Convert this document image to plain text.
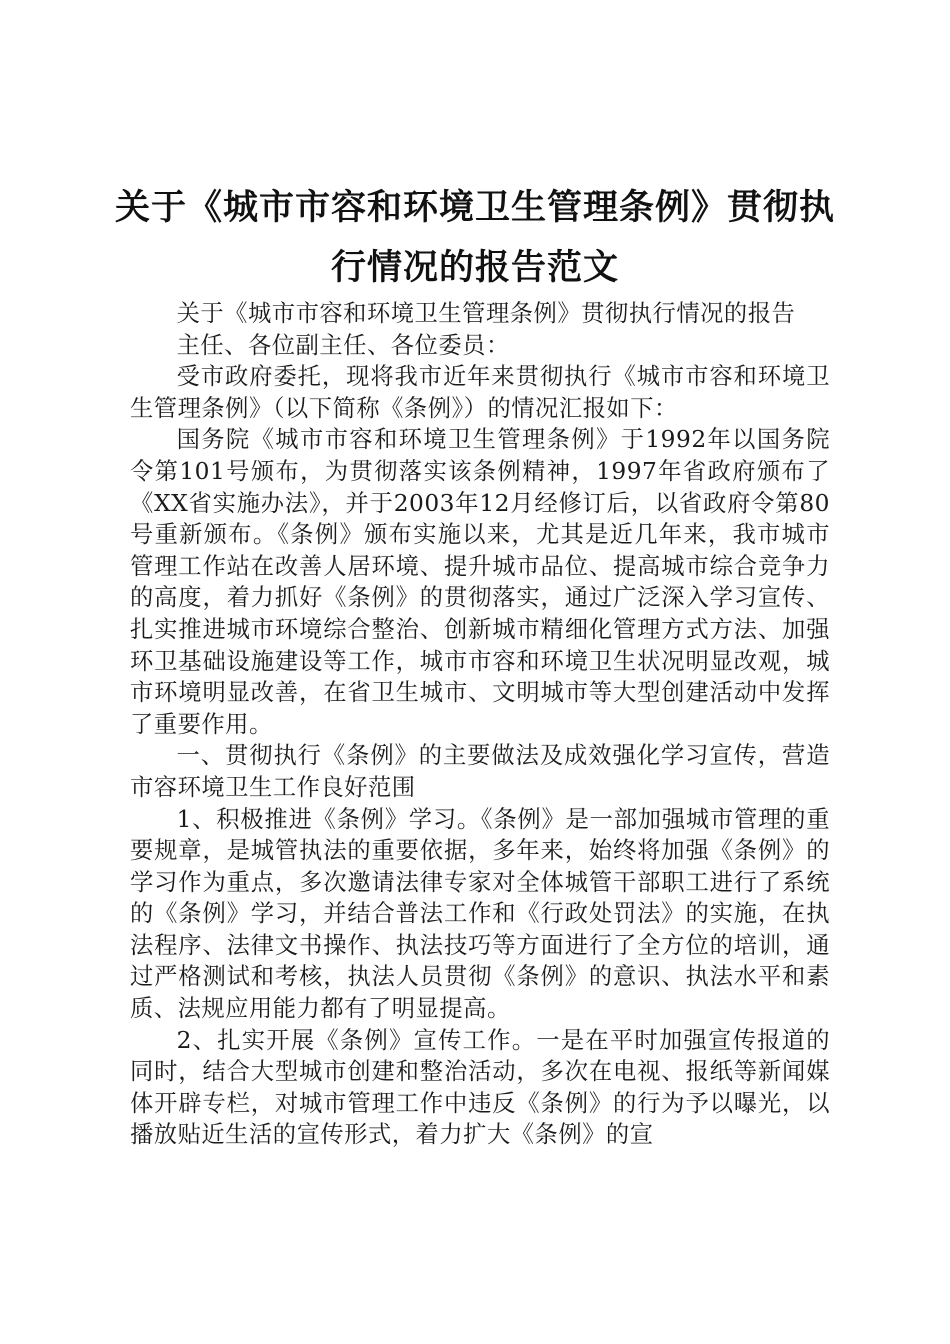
关于《城市市容和环境卫生管理条例》贯彻执行情况的报告范文

关于《城市市容和环境卫生管理条例》贯彻执行情况的报告

主任、各位副主任、各位委员：

受市政府委托，现将我市近年来贯彻执行《城市市容和环境卫生管理条例》（以下简称《条例》）的情况汇报如下：

国务院《城市市容和环境卫生管理条例》于1992年以国务院令第101号颁布，为贯彻落实该条例精神，1997年省政府颁布了《XX省实施办法》，并于2003年12月经修订后，以省政府令第80号重新颁布。《条例》颁布实施以来，尤其是近几年来，我市城市管理工作站在改善人居环境、提升城市品位、提高城市综合竞争力的高度，着力抓好《条例》的贯彻落实，通过广泛深入学习宣传、扎实推进城市环境综合整治、创新城市精细化管理方式方法、加强环卫基础设施建设等工作，城市市容和环境卫生状况明显改观，城市环境明显改善，在省卫生城市、文明城市等大型创建活动中发挥了重要作用。

一、贯彻执行《条例》的主要做法及成效强化学习宣传，营造市容环境卫生工作良好范围

1、积极推进《条例》学习。《条例》是一部加强城市管理的重要规章，是城管执法的重要依据，多年来，始终将加强《条例》的学习作为重点，多次邀请法律专家对全体城管干部职工进行了系统的《条例》学习，并结合普法工作和《行政处罚法》的实施，在执法程序、法律文书操作、执法技巧等方面进行了全方位的培训，通过严格测试和考核，执法人员贯彻《条例》的意识、执法水平和素质、法规应用能力都有了明显提高。

2、扎实开展《条例》宣传工作。一是在平时加强宣传报道的同时，结合大型城市创建和整治活动，多次在电视、报纸等新闻媒体开辟专栏，对城市管理工作中违反《条例》的行为予以曝光，以播放贴近生活的宣传形式，着力扩大《条例》的宣
